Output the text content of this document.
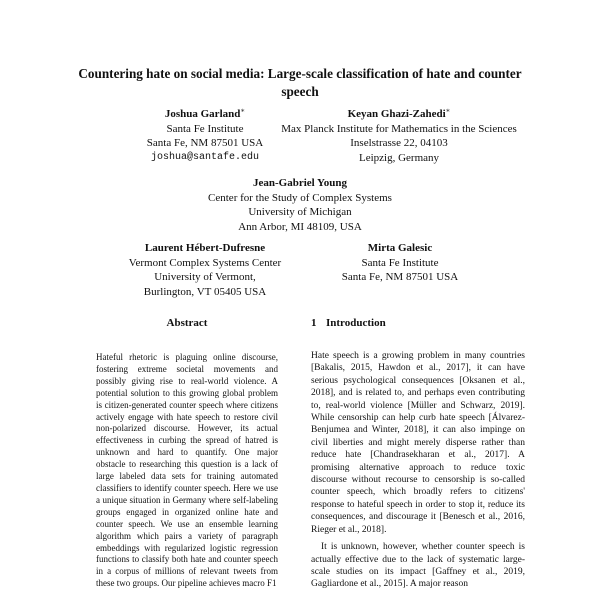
Countering hate on social media: Large-scale classification of hate and counter speech
Joshua Garland∗
Santa Fe Institute
Santa Fe, NM 87501 USA
joshua@santafe.edu
Keyan Ghazi-Zahedi∗
Max Planck Institute for Mathematics in the Sciences
Inselstrasse 22, 04103
Leipzig, Germany
Jean-Gabriel Young
Center for the Study of Complex Systems
University of Michigan
Ann Arbor, MI 48109, USA
Laurent Hébert-Dufresne
Vermont Complex Systems Center
University of Vermont,
Burlington, VT 05405 USA
Mirta Galesic
Santa Fe Institute
Santa Fe, NM 87501 USA
Abstract
Hateful rhetoric is plaguing online discourse, fostering extreme societal movements and possibly giving rise to real-world violence. A potential solution to this growing global problem is citizen-generated counter speech where citizens actively engage with hate speech to restore civil non-polarized discourse. However, its actual effectiveness in curbing the spread of hatred is unknown and hard to quantify. One major obstacle to researching this question is a lack of large labeled data sets for training automated classifiers to identify counter speech. Here we use a unique situation in Germany where self-labeling groups engaged in organized online hate and counter speech. We use an ensemble learning algorithm which pairs a variety of paragraph embeddings with regularized logistic regression functions to classify both hate and counter speech in a corpus of millions of relevant tweets from these two groups. Our pipeline achieves macro F1
1 Introduction

Hate speech is a growing problem in many countries [Bakalis, 2015, Hawdon et al., 2017], it can have serious psychological consequences [Oksanen et al., 2018], and is related to, and perhaps even contributing to, real-world violence [Müller and Schwarz, 2019]. While censorship can help curb hate speech [Álvarez-Benjumea and Winter, 2018], it can also impinge on civil liberties and might merely disperse rather than reduce hate [Chandrasekharan et al., 2017]. A promising alternative approach to reduce toxic discourse without recourse to censorship is so-called counter speech, which broadly refers to citizens' response to hateful speech in order to stop it, reduce its consequences, and discourage it [Benesch et al., 2016, Rieger et al., 2018].

It is unknown, however, whether counter speech is actually effective due to the lack of systematic large-scale studies on its impact [Gaffney et al., 2019, Gagliardone et al., 2015]. A major reason
